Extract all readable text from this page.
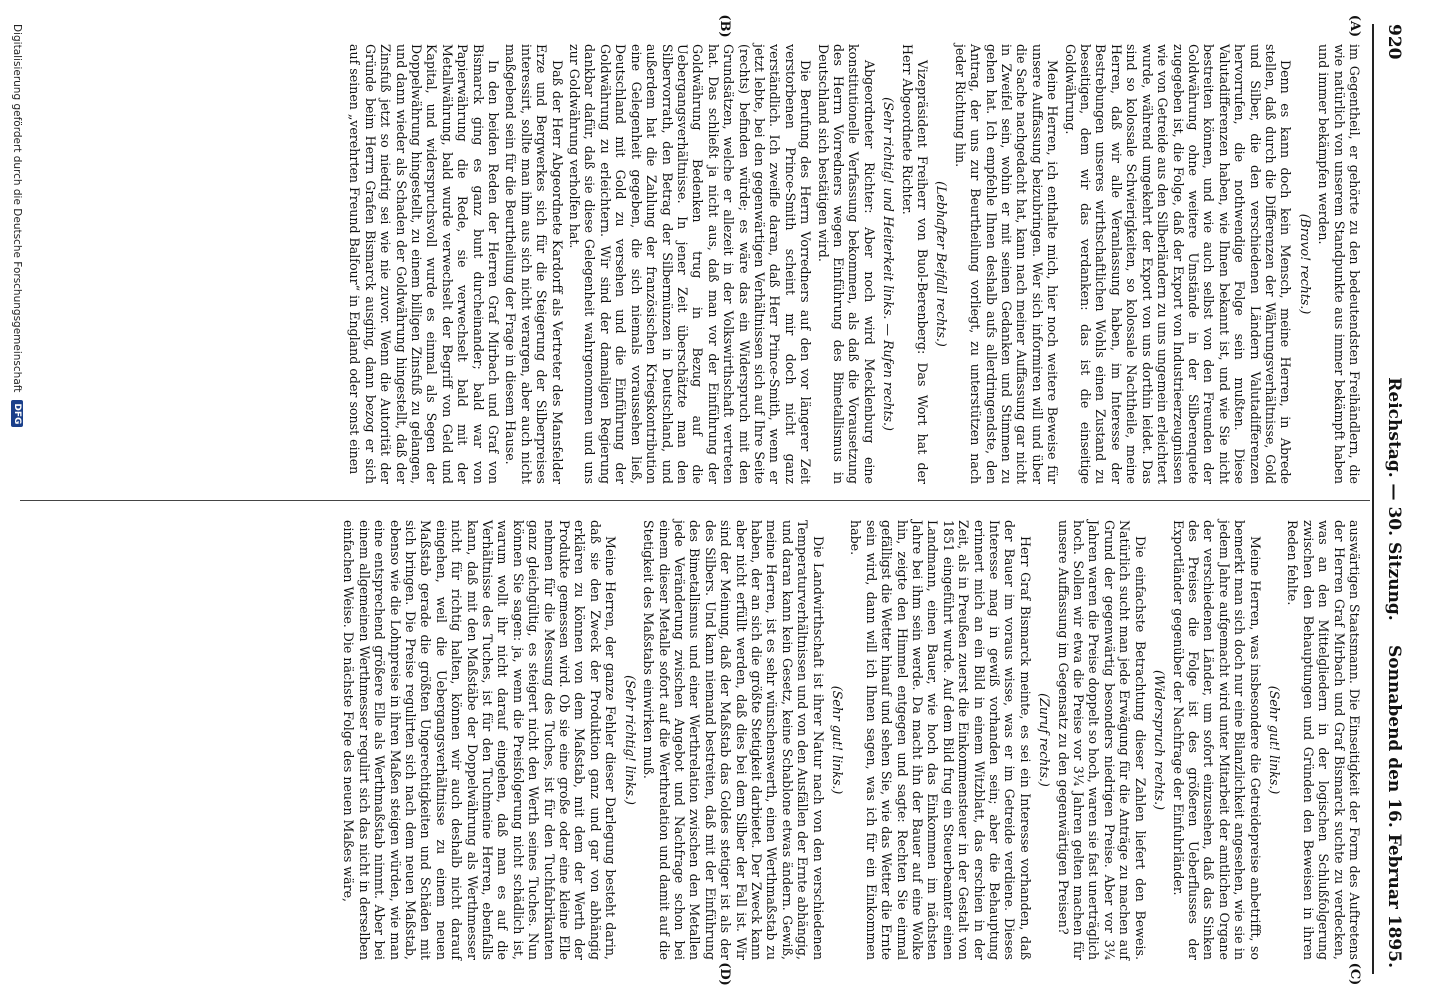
920
Reichstag. — 30. Sitzung.
Sonnabend den 16. Februar 1895.
(A)
(B)
(C)
(D)

im Gegentheil, er gehörte zu den bedeutendsten Freihändlern, die wie natürlich von unserem Standpunkte aus immer bekämpft haben und immer bekämpfen werden.

(Bravo! rechts.)

Denn es kann doch kein Mensch, meine Herren, in Abrede stellen, daß durch die Differenzen der Währungsverhältnisse, Gold und Silber, die den verschiedenen Ländern Valutadifferenzen hervorrufen, die nothwendige Folge sein mußten. Diese Valutadifferenzen haben, wie Ihnen bekannt ist, und wie Sie nicht bestreiten können, und wie auch selbst von den Freunden der Goldwährung ohne weitere Umstände in der Silberenquete zugegeben ist, die Folge, daß der Export von Industrieerzeugnissen wie von Getreide aus den Silberländern zu uns ungemein erleichtert wurde, während umgekehrt der Export von uns dorthin leidet. Das sind so kolossale Schwierigkeiten, so kolossale Nachtheile, meine Herren, daß wir alle Veranlassung haben, im Interesse der Bestrebungen unseres wirthschaftlichen Wohls einen Zustand zu beseitigen, dem wir das verdanken: das ist die einseitige Goldwährung.

Meine Herren, ich enthalte mich, hier noch weitere Beweise für unsere Auffassung beizubringen. Wer sich informiren will und über die Sache nachgedacht hat, kann nach meiner Auffassung gar nicht in Zweifel sein, wohin er mit seinen Gedanken und Stimmen zu gehen hat. Ich empfehle Ihnen deshalb aufs allerdringendste, den Antrag, der uns zur Beurtheilung vorliegt, zu unterstützen nach jeder Richtung hin.

(Lebhafter Beifall rechts.)

Vizepräsident Freiherr von Buol-Berenberg: Das Wort hat der Herr Abgeordnete Richter.

(Sehr richtig! und Heiterkeit links. — Rufen rechts.)

Abgeordneter Richter: Aber noch wird Mecklenburg eine konstitutionelle Verfassung bekommen, als daß die Vorausetzung des Herrn Vorredners wegen Einführung des Bimetallismus in Deutschland sich bestätigen wird.

Die Berufung des Herrn Vorredners auf den vor längerer Zeit verstorbenen Prince-Smith scheint mir doch nicht ganz verständlich. Ich zweifle daran, daß Herr Prince-Smith, wenn er jetzt lebte, bei den gegenwärtigen Verhältnissen sich auf Ihre Seite (rechts) befinden würde; es wäre das ein Widerspruch mit den Grundsätzen, welche er allezeit in der Volkswirthschaft vertreten hat. Das schließt ja nicht aus, daß man vor der Einführung der Goldwährung Bedenken trug in Bezug auf die Uebergangsverhältnisse. In jener Zeit überschätzte man den Silbervorrath, den Betrag der Silbermünzen in Deutschland, und außerdem hat die Zahlung der französischen Kriegskontribution eine Gelegenheit gegeben, die sich niemals voraussehen ließ, Deutschland mit Gold zu versehen und die Einführung der Goldwährung zu erleichtern. Wir sind der damaligen Regierung dankbar dafür, daß sie diese Gelegenheit wahrgenommen und uns zur Goldwährung verholfen hat.

Daß der Herr Abgeordnete Kardorff als Vertreter des Mansfelder Erze und Bergwerkes sich für die Steigerung der Silberpreises interessirt, sollte man ihm aus sich nicht verargen, aber auch nicht maßgebend sein für die Beurtheilung der Frage in diesem Hause.

In den beiden Reden der Herren Graf Mirbach und Graf von Bismarck ging es ganz bunt durcheinander; bald war von Papierwährung die Rede, sie verwechselt bald mit der Metallwährung, bald wurde verwechselt der Begriff von Geld und Kapital, und widerspruchsvoll wurde es einmal als Segen der Doppelwährung hingestellt, zu einem billigen Zinsfuß zu gelangen, und dann wieder als Schaden der Goldwährung hingestellt, daß der Zinsfuß jetzt so niedrig sei wie nie zuvor. Wenn die Autorität der Gründe beim Herrn Grafen Bismarck ausging, dann bezog er sich auf seinen „verehrten Freund Balfour“ in England oder sonst einen

auswärtigen Staatsmann. Die Einseitigkeit der Form des Auftretens der Herren Graf Mirbach und Graf Bismarck suchte zu verdecken, was an den Mittelgliedern in der logischen Schlußfolgerung zwischen den Behauptungen und Gründen den Beweisen in ihren Reden fehlte.

(Sehr gut! links.)

Meine Herren, was insbesondere die Getreidepreise anbetrifft, so bemerkt man sich doch nur eine Bilanzlichkeit angesehen, wie sie in jedem Jahre aufgemacht wird unter Mitarbeit der amtlichen Organe der verschiedenen Länder, um sofort einzusehen, daß das Sinken des Preises die Folge ist des größeren Ueberflusses der Exportländer gegenüber der Nachfrage der Einfuhrländer.

(Widerspruch rechts.)

Die einfachste Betrachtung dieser Zahlen liefert den Beweis. Natürlich sucht man jede Erwägung für die Anträge zu machen auf Grund der gegenwärtig besonders niedrigen Preise. Aber vor 3¼ Jahren waren die Preise doppelt so hoch, waren sie fast unerträglich hoch. Sollen wir etwa die Preise vor 3¼ Jahren gelten machen für unsere Auffassung im Gegensatz zu den gegenwärtigen Preisen?

(Zuruf rechts.)

Herr Graf Bismarck meinte, es sei ein Interesse vorhanden, daß der Bauer im voraus wisse, was er im Getreide verdiene. Dieses Interesse mag in gewiß vorhanden sein; aber die Behauptung erinnert mich an ein Bild in einem Witzblatt, das erschien in der Zeit, als in Preußen zuerst die Einkommensteuer in der Gestalt von 1851 eingeführt wurde. Auf dem Bild frug ein Steuerbeamter einen Landmann, einen Bauer, wie hoch das Einkommen im nächsten Jahre bei ihm sein werde. Da macht ihn der Bauer auf eine Wolke hin, zeigte den Himmel entgegen und sagte: Rechten Sie einmal gefälligst die Wetter hinauf und sehen Sie, wie das Wetter die Ernte sein wird, dann will ich Ihnen sagen, was ich für ein Einkommen habe.

(Sehr gut! links.)

Die Landwirthschaft ist ihrer Natur nach von den verschiedenen Temperaturverhältnissen und von den Ausfällen der Ernte abhängig, und daran kann kein Gesetz, keine Schablone etwas ändern. Gewiß, meine Herren, ist es sehr wünschenswerth, einen Werthmaßstab zu haben, der an sich die größte Stetigkeit darbietet. Der Zweck kann aber nicht erfüllt werden, daß dies bei dem Silber der Fall ist. Wir sind der Meinung, daß der Maßstab das Goldes stetiger ist als der des Silbers. Und kann niemand bestreiten, daß mit der Einführung des Bimetallismus und einer Werthrelation zwischen den Metallen jede Veränderung zwischen Angebot und Nachfrage schon bei einem dieser Metalle sofort auf die Werthrelation und damit auf die Stetigkeit des Maßstabs einwirken muß.

(Sehr richtig! links.)

Meine Herren, der ganze Fehler dieser Darlegung besteht darin, daß sie den Zweck der Produktion ganz und gar von abhängig erklären zu können von dem Maßstab, mit dem der Werth der Produkte gemessen wird. Ob sie eine große oder eine kleine Elle nehmen für die Messung des Tuches, ist für den Tuchfabrikanten ganz gleichgültig, es steigert nicht den Werth seines Tuches. Nun können Sie sagen: ja, wenn die Preisfolgerung nicht schädlich ist, warum wollt ihr nicht darauf eingehen, daß man es auf die Verhältnisse des Tuches, ist für den Tuchmeine Herren, ebenfalls kann, daß mit den Maßstäbe der Doppelwährung als Werthmesser nicht für richtig halten, können wir auch deshalb nicht darauf eingehen, weil die Uebergangsverhältnisse zu einem neuen Maßstab gerade die größten Ungerechtigkeiten und Schäden mit sich bringen. Die Preise regulirten sich nach dem neuen Maßstab, ebenso wie die Lohnpreise in ihren Maßen steigen würden, wie man eine entsprechend größere Elle als Werthmaßstab nimmt. Aber bei einem allgemeinen Werthmesser regulirt sich das nicht in derselben einfachen Weise. Die nächste Folge des neuen Maßes wäre,

Digitalisierung gefördert durch die Deutsche Forschungsgemeinschaft
DFG
